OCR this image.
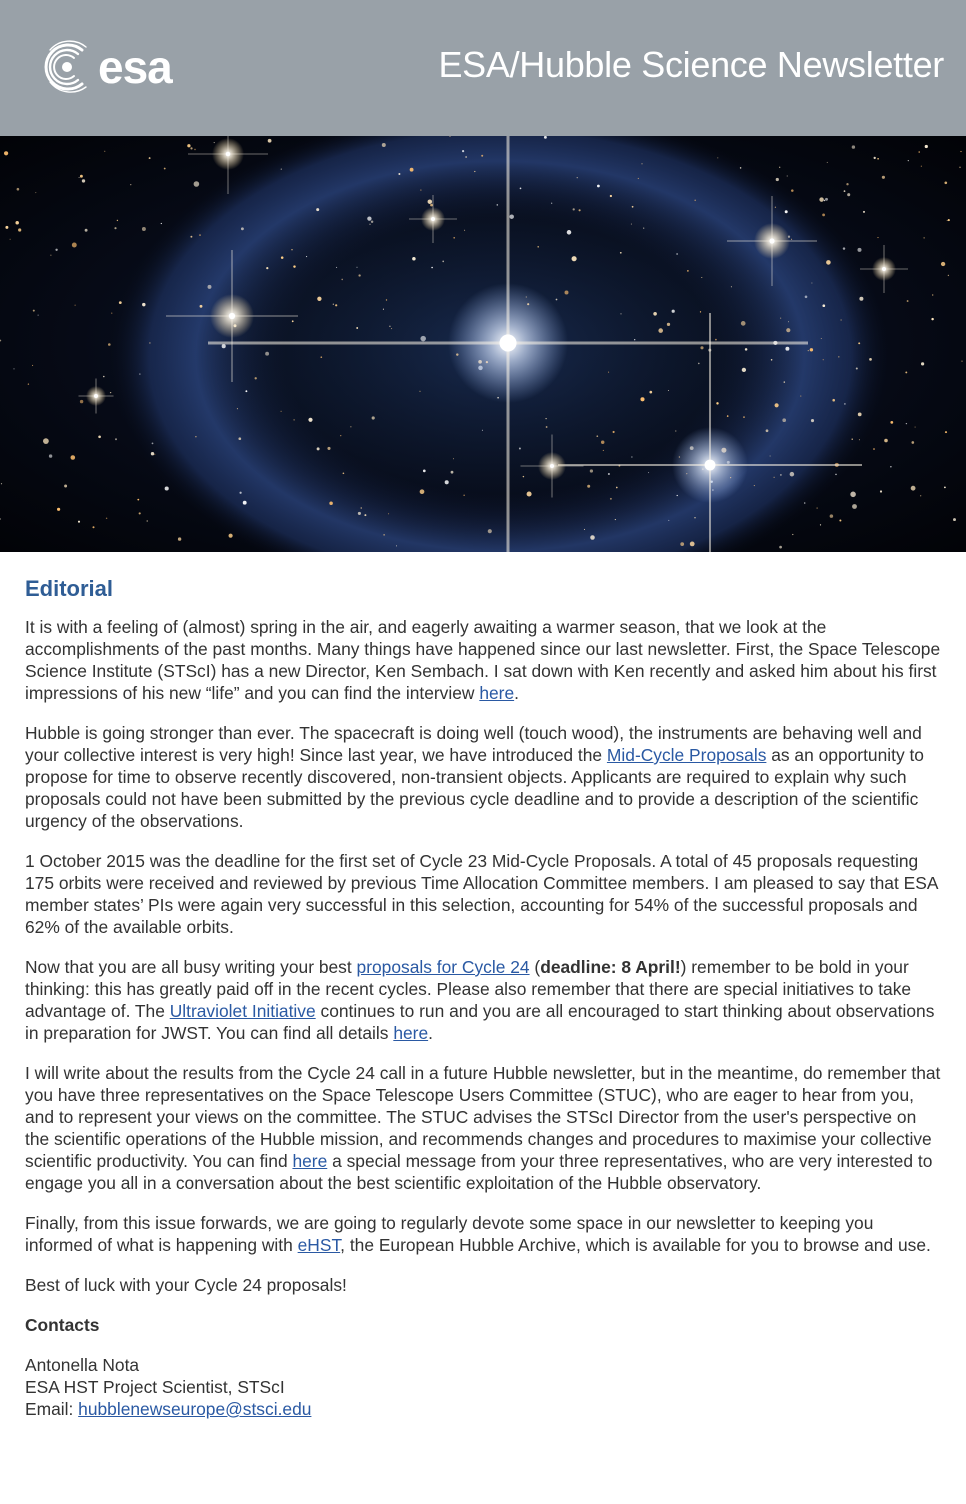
esa	ESA/Hubble Science Newsletter
Editorial

It is with a feeling of (almost) spring in the air, and eagerly awaiting a warmer season, that we look at the accomplishments of the past months. Many things have happened since our last newsletter. First, the Space Telescope Science Institute (STScI) has a new Director, Ken Sembach. I sat down with Ken recently and asked him about his first impressions of his new “life” and you can find the interview here.

Hubble is going stronger than ever. The spacecraft is doing well (touch wood), the instruments are behaving well and your collective interest is very high! Since last year, we have introduced the Mid-Cycle Proposals as an opportunity to propose for time to observe recently discovered, non-transient objects. Applicants are required to explain why such proposals could not have been submitted by the previous cycle deadline and to provide a description of the scientific urgency of the observations.

1 October 2015 was the deadline for the first set of Cycle 23 Mid-Cycle Proposals. A total of 45 proposals requesting 175 orbits were received and reviewed by previous Time Allocation Committee members. I am pleased to say that ESA member states’ PIs were again very successful in this selection, accounting for 54% of the successful proposals and 62% of the available orbits.

Now that you are all busy writing your best proposals for Cycle 24 (deadline: 8 April!) remember to be bold in your thinking: this has greatly paid off in the recent cycles. Please also remember that there are special initiatives to take advantage of. The Ultraviolet Initiative continues to run and you are all encouraged to start thinking about observations in preparation for JWST. You can find all details here.

I will write about the results from the Cycle 24 call in a future Hubble newsletter, but in the meantime, do remember that you have three representatives on the Space Telescope Users Committee (STUC), who are eager to hear from you, and to represent your views on the committee. The STUC advises the STScI Director from the user's perspective on the scientific operations of the Hubble mission, and recommends changes and procedures to maximise your collective scientific productivity. You can find here a special message from your three representatives, who are very interested to engage you all in a conversation about the best scientific exploitation of the Hubble observatory.

Finally, from this issue forwards, we are going to regularly devote some space in our newsletter to keeping you informed of what is happening with eHST, the European Hubble Archive, which is available for you to browse and use.

Best of luck with your Cycle 24 proposals!

Contacts
Antonella Nota
ESA HST Project Scientist, STScI
Email: hubblenewseurope@stsci.edu
